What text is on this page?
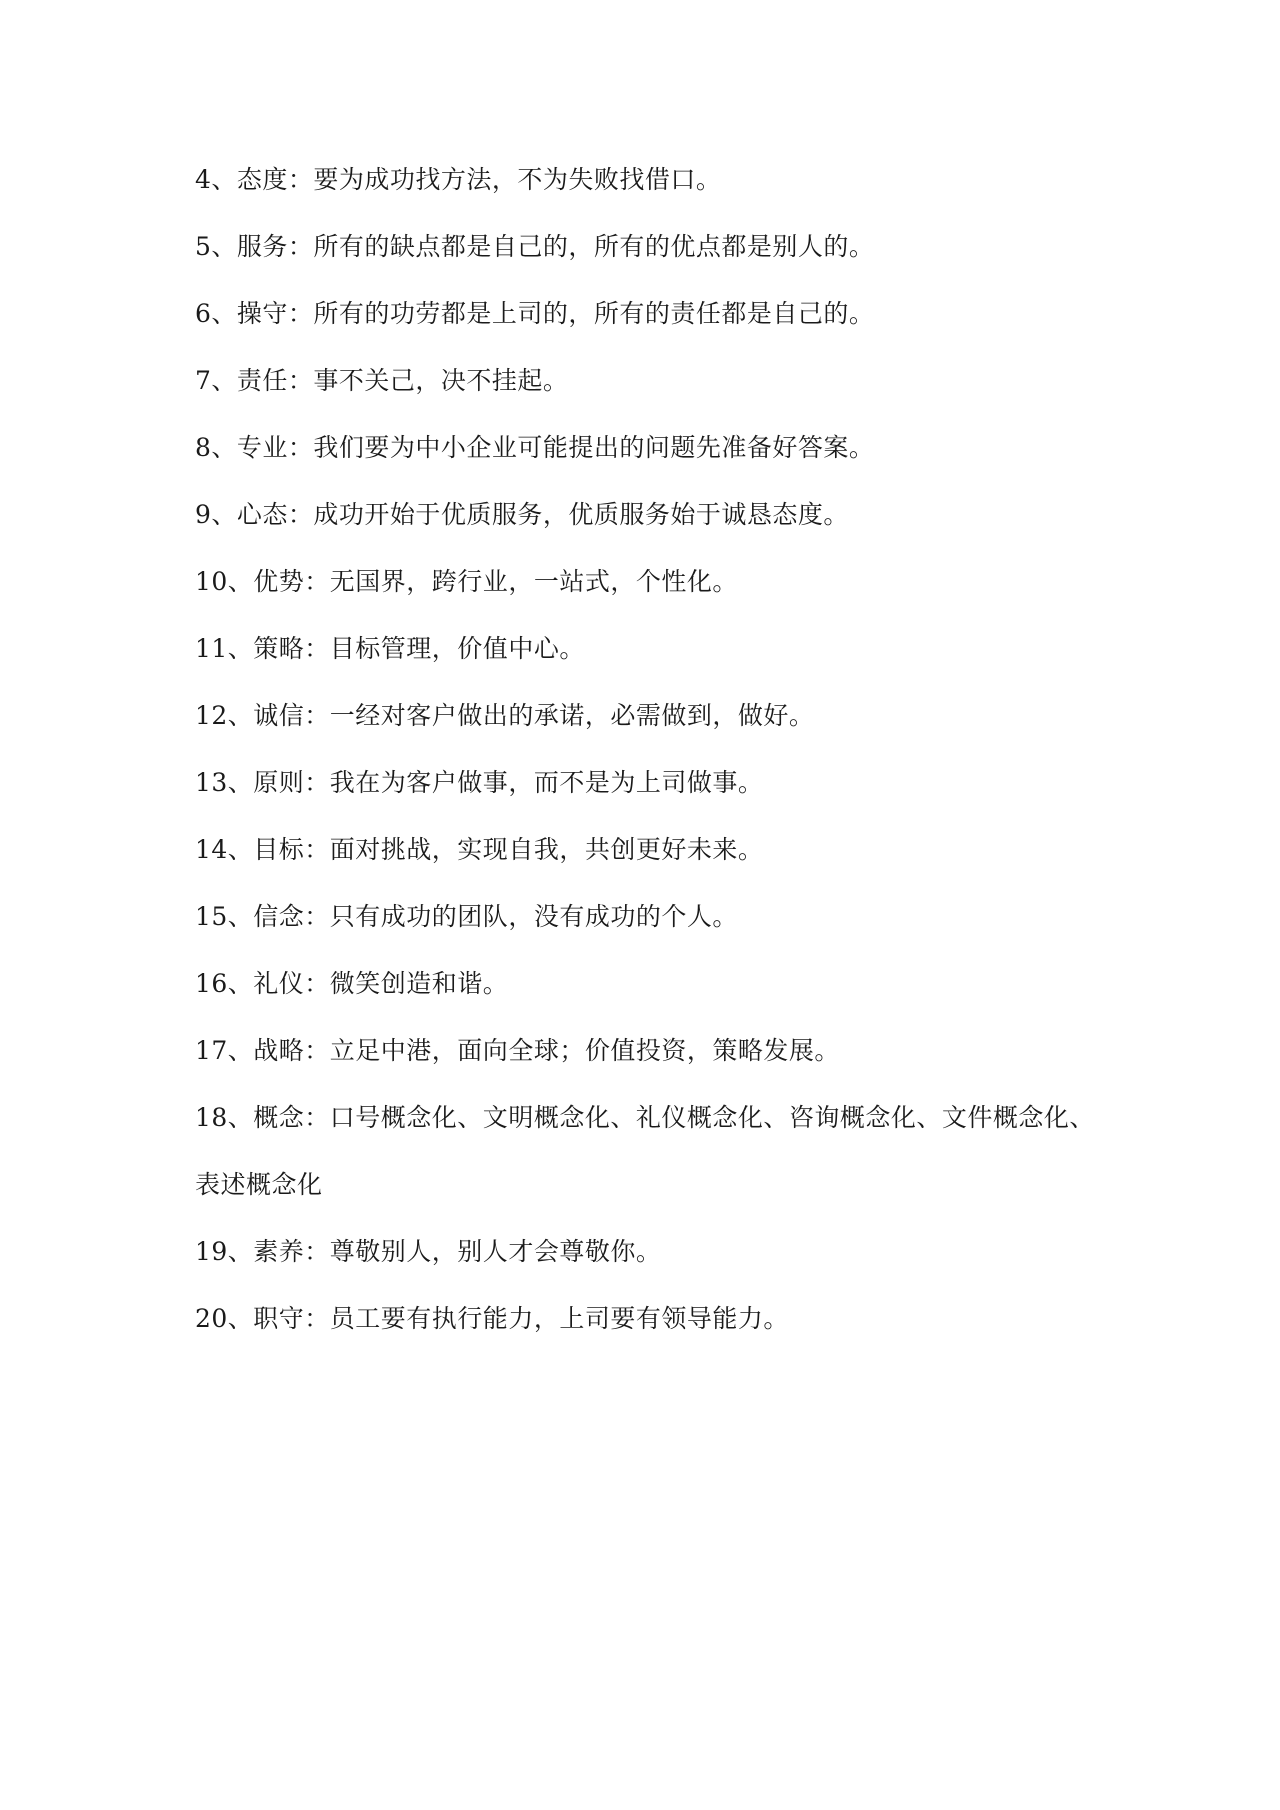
4、态度：要为成功找方法，不为失败找借口。
5、服务：所有的缺点都是自己的，所有的优点都是别人的。
6、操守：所有的功劳都是上司的，所有的责任都是自己的。
7、责任：事不关己，决不挂起。
8、专业：我们要为中小企业可能提出的问题先准备好答案。
9、心态：成功开始于优质服务，优质服务始于诚恳态度。
10、优势：无国界，跨行业，一站式，个性化。
11、策略：目标管理，价值中心。
12、诚信：一经对客户做出的承诺，必需做到，做好。
13、原则：我在为客户做事，而不是为上司做事。
14、目标：面对挑战，实现自我，共创更好未来。
15、信念：只有成功的团队，没有成功的个人。
16、礼仪：微笑创造和谐。
17、战略：立足中港，面向全球；价值投资，策略发展。
18、概念：口号概念化、文明概念化、礼仪概念化、咨询概念化、文件概念化、
表述概念化
19、素养：尊敬别人，别人才会尊敬你。
20、职守：员工要有执行能力，上司要有领导能力。
